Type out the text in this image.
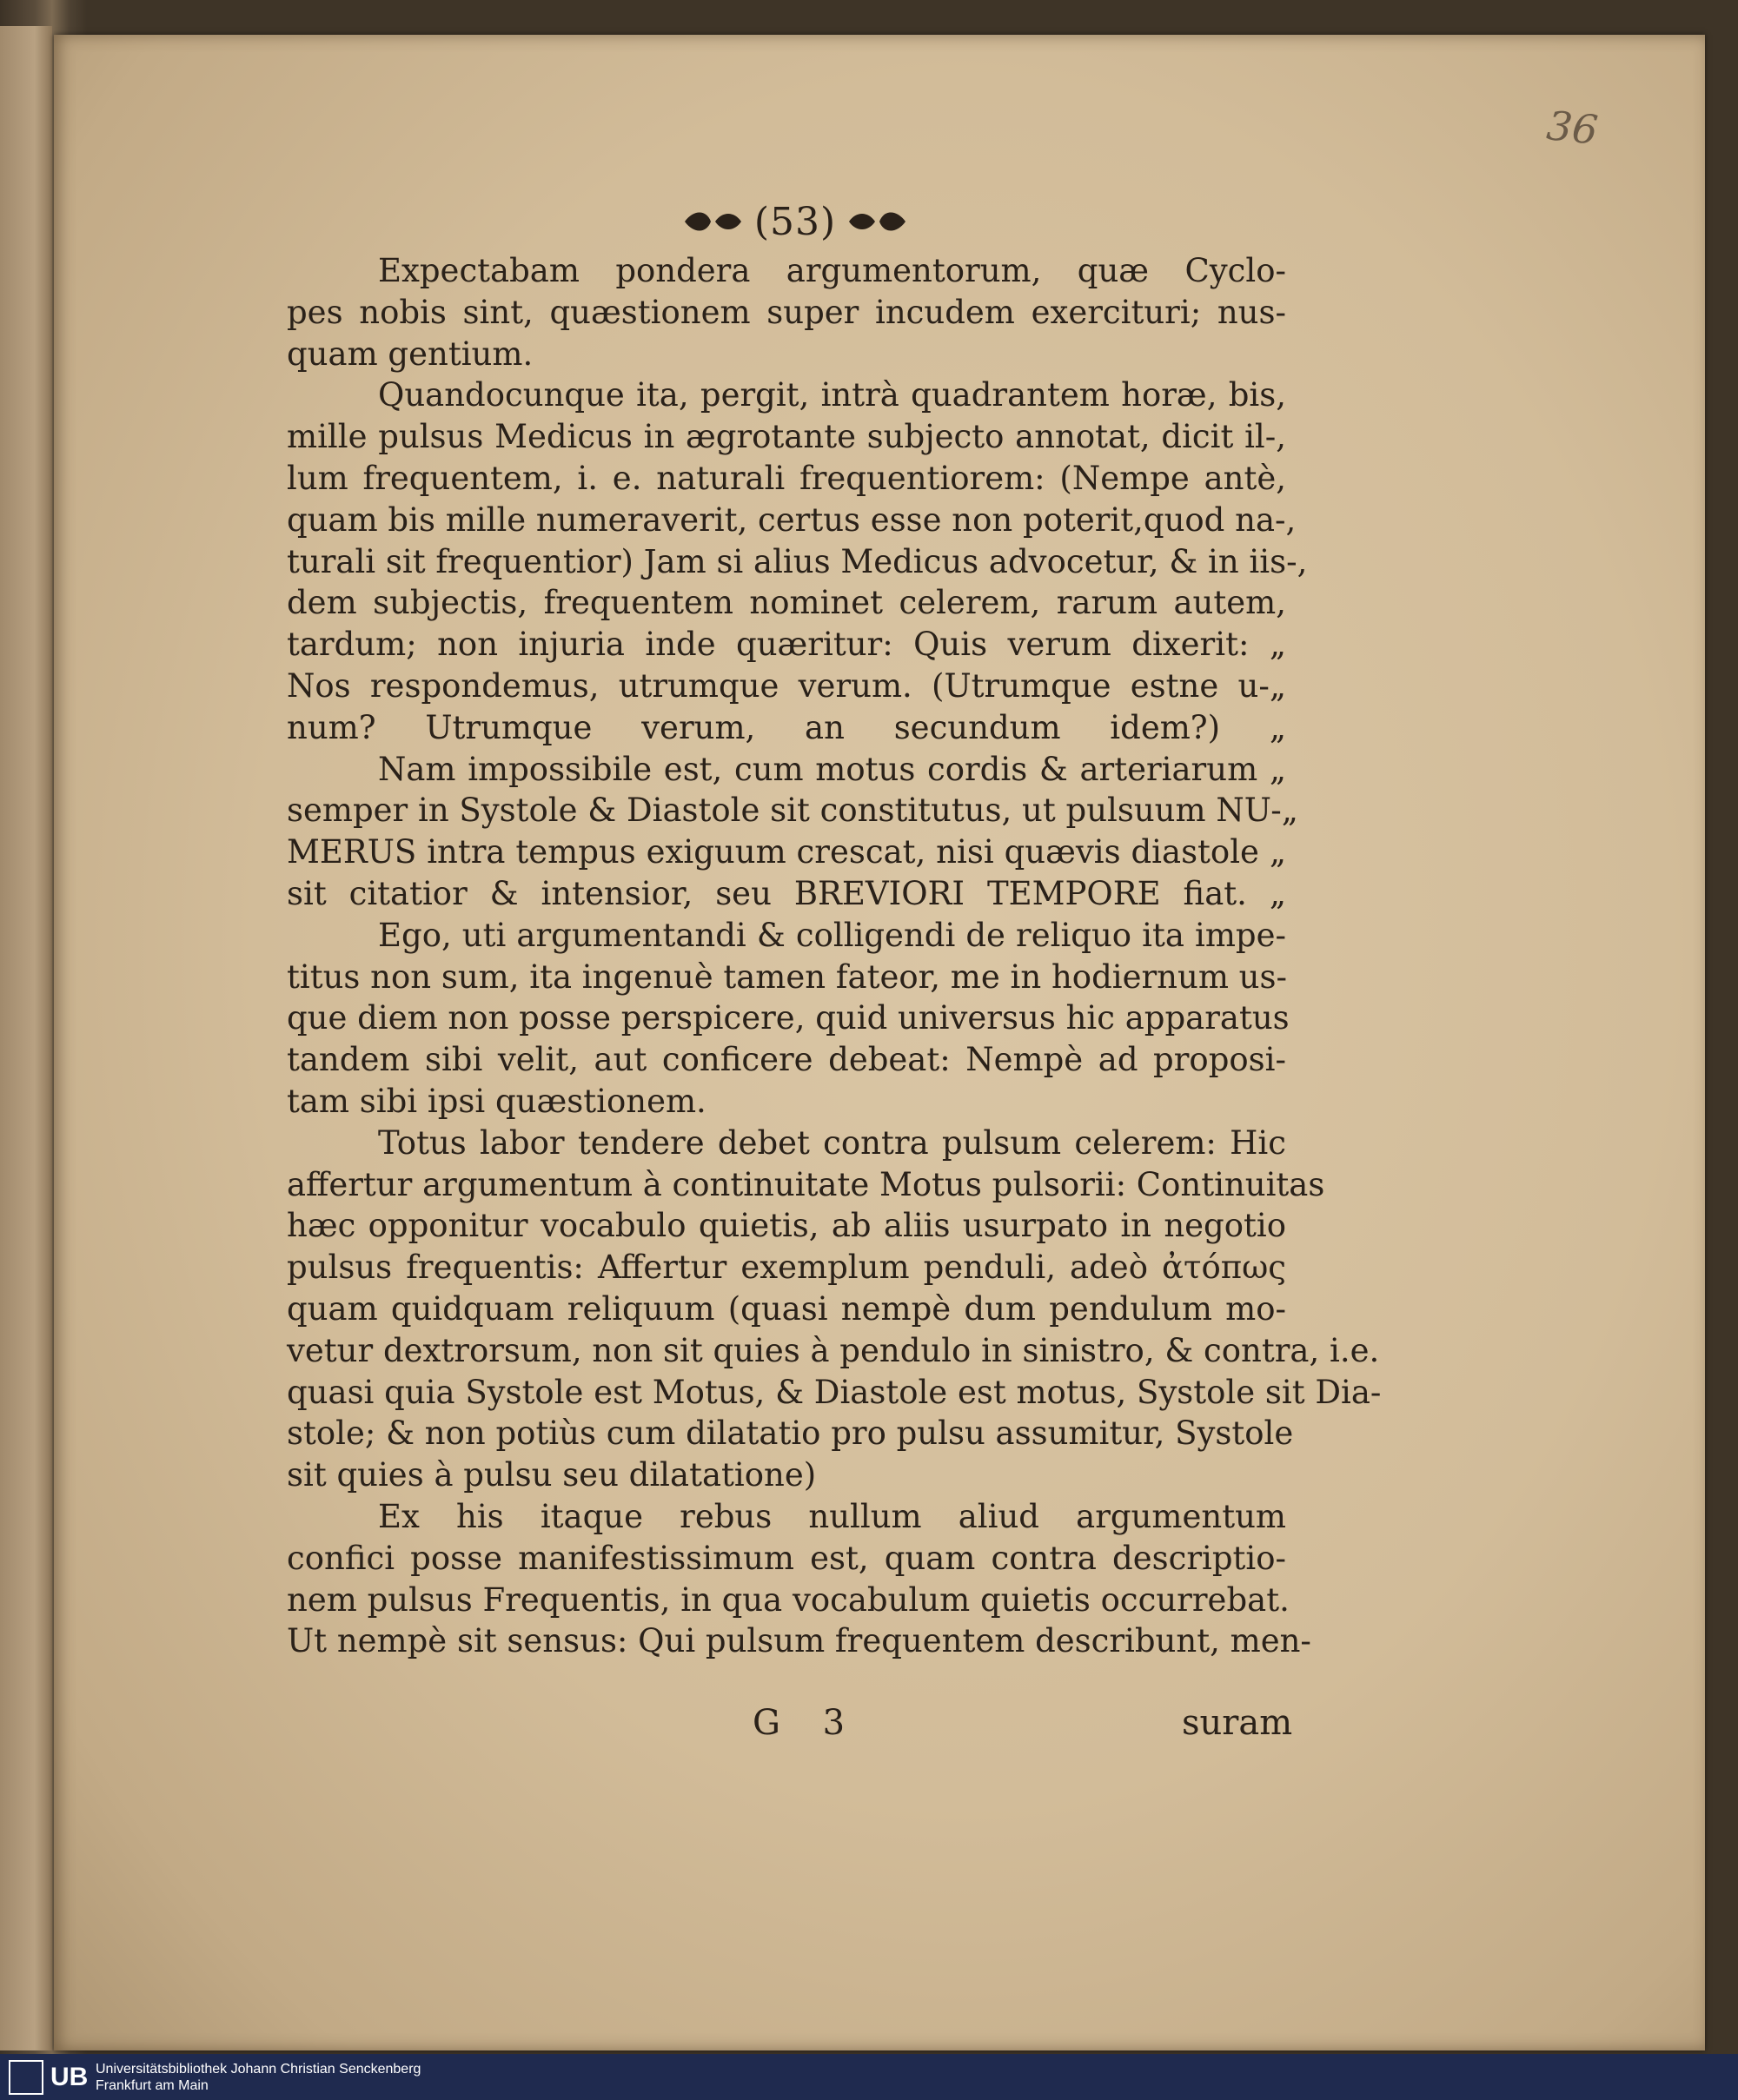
36
(53)
Expectabam pondera argumentorum, quæ Cyclo-
pes nobis sint, quæstionem super incudem exercituri; nus-
quam gentium.
Quandocunque ita, pergit, intrà quadrantem horæ, bis,
mille pulsus Medicus in ægrotante subjecto annotat, dicit il-,
lum frequentem, i. e. naturali frequentiorem: (Nempe antè,
quam bis mille numeraverit, certus esse non poterit,quod na-,
turali sit frequentior) Jam si alius Medicus advocetur, & in iis-,
dem subjectis, frequentem nominet celerem, rarum autem,
tardum; non injuria inde quæritur: Quis verum dixerit: „
Nos respondemus, utrumque verum. (Utrumque estne u-„
num? Utrumque verum, an secundum idem?) „
Nam impossibile est, cum motus cordis & arteriarum „
semper in Systole & Diastole sit constitutus, ut pulsuum NU-„
MERUS intra tempus exiguum crescat, nisi quævis diastole „
sit citatior & intensior, seu BREVIORI TEMPORE fiat. „
Ego, uti argumentandi & colligendi de reliquo ita impe-
titus non sum, ita ingenuè tamen fateor, me in hodiernum us-
que diem non posse perspicere, quid universus hic apparatus
tandem sibi velit, aut conficere debeat: Nempè ad proposi-
tam sibi ipsi quæstionem.
Totus labor tendere debet contra pulsum celerem: Hic
affertur argumentum à continuitate Motus pulsorii: Continuitas
hæc opponitur vocabulo quietis, ab aliis usurpato in negotio
pulsus frequentis: Affertur exemplum penduli, adeò ἀτόπως
quam quidquam reliquum (quasi nempè dum pendulum mo-
vetur dextrorsum, non sit quies à pendulo in sinistro, & contra, i.e.
quasi quia Systole est Motus, & Diastole est motus, Systole sit Dia-
stole; & non potiùs cum dilatatio pro pulsu assumitur, Systole
sit quies à pulsu seu dilatatione)
Ex his itaque rebus nullum aliud argumentum
confici posse manifestissimum est, quam contra descriptio-
nem pulsus Frequentis, in qua vocabulum quietis occurrebat.
Ut nempè sit sensus: Qui pulsum frequentem describunt, men-
G 3	suram
UB Universitätsbibliothek Johann Christian Senckenberg
Frankfurt am Main
